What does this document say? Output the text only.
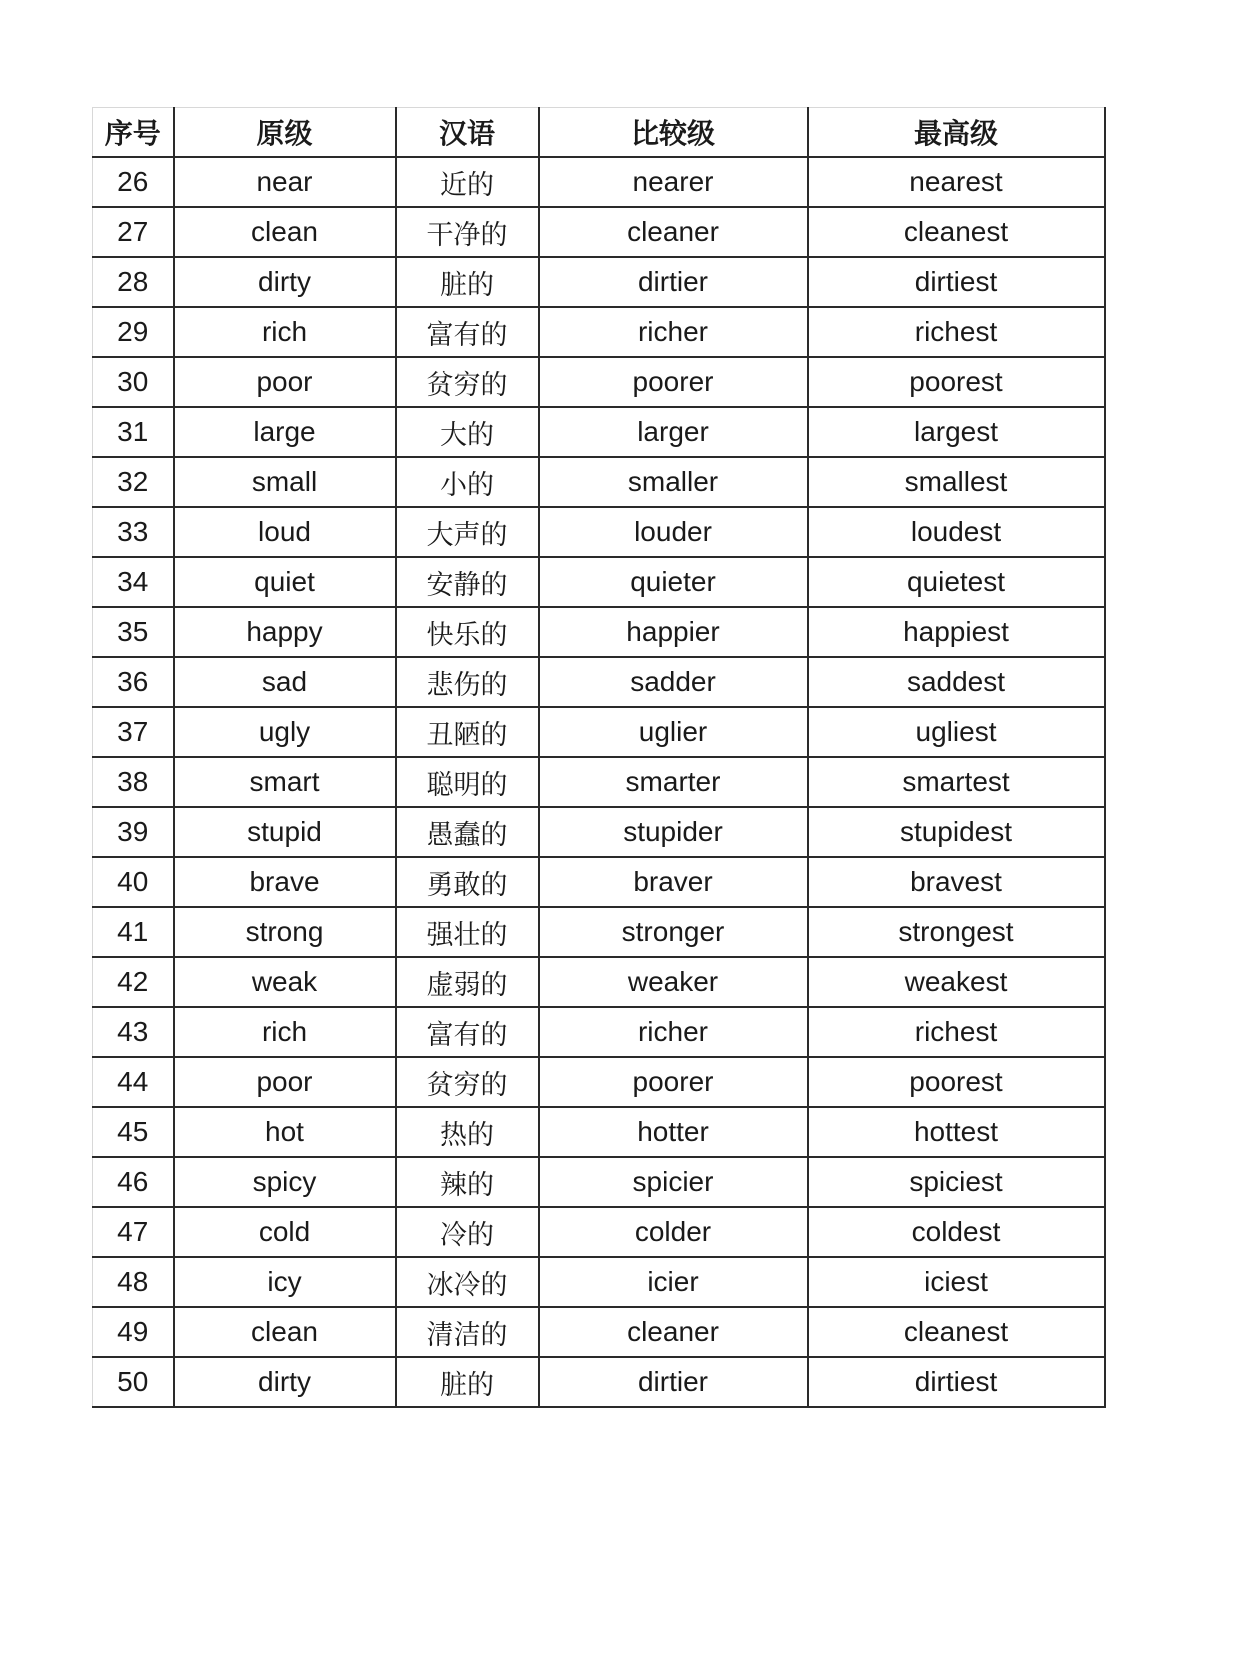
序号	原级	汉语	比较级	最高级
26	near	近的	nearer	nearest
27	clean	干净的	cleaner	cleanest
28	dirty	脏的	dirtier	dirtiest
29	rich	富有的	richer	richest
30	poor	贫穷的	poorer	poorest
31	large	大的	larger	largest
32	small	小的	smaller	smallest
33	loud	大声的	louder	loudest
34	quiet	安静的	quieter	quietest
35	happy	快乐的	happier	happiest
36	sad	悲伤的	sadder	saddest
37	ugly	丑陋的	uglier	ugliest
38	smart	聪明的	smarter	smartest
39	stupid	愚蠢的	stupider	stupidest
40	brave	勇敢的	braver	bravest
41	strong	强壮的	stronger	strongest
42	weak	虚弱的	weaker	weakest
43	rich	富有的	richer	richest
44	poor	贫穷的	poorer	poorest
45	hot	热的	hotter	hottest
46	spicy	辣的	spicier	spiciest
47	cold	冷的	colder	coldest
48	icy	冰冷的	icier	iciest
49	clean	清洁的	cleaner	cleanest
50	dirty	脏的	dirtier	dirtiest
